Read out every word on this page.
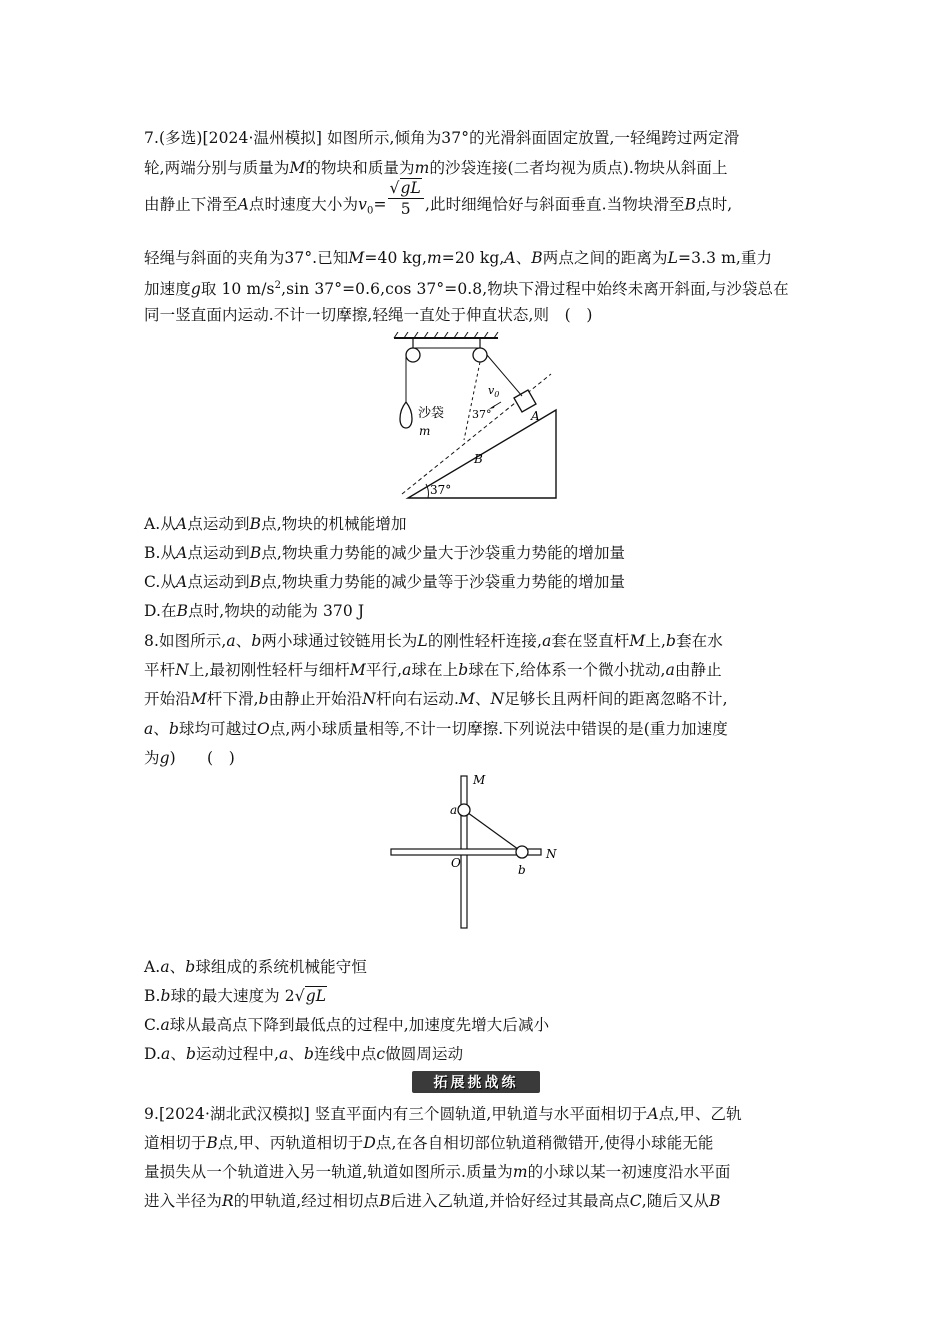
7.(多选)[2024·温州模拟] 如图所示,倾角为37°的光滑斜面固定放置,一轻绳跨过两定滑
轮,两端分别与质量为M的物块和质量为m的沙袋连接(二者均视为质点).物块从斜面上
由静止下滑至A点时速度大小为$v_0= \frac{√gL}{5}$ ,此时细绳恰好与斜面垂直.当物块滑至B点时,
轻绳与斜面的夹角为37°.已知M=40 kg,m=20 kg,A、B两点之间的距离为L=3.3 m,重力
加速度g取 10 $m/s^2,\sin$ 37°=0.6,cos 37°=0.8,物块下滑过程中始终未离开斜面,与沙袋总在
同一竖直面内运动.不计一切摩擦,轻绳一直处于伸直状态,则　(　)
沙袋
m
A
$v_0$
37°
B
37°
A.从A点运动到B点,物块的机械能增加
B.从A点运动到B点,物块重力势能的减少量大于沙袋重力势能的增加量
C.从A点运动到B点,物块重力势能的减少量等于沙袋重力势能的增加量
D.在B点时,物块的动能为 370 J
8.如图所示,a、b两小球通过铰链用长为L的刚性轻杆连接,a套在竖直杆M上,b套在水
平杆N上,最初刚性轻杆与细杆M平行,a球在上b球在下,给体系一个微小扰动,a由静止
开始沿M杆下滑,b由静止开始沿N杆向右运动.M、N足够长且两杆间的距离忽略不计,
a、b球均可越过O点,两小球质量相等,不计一切摩擦.下列说法中错误的是(重力加速度
为g)　　(　)
M
a
O	b
N
A.a、b球组成的系统机械能守恒
B.b球的最大速度为 2√gL
C.a球从最高点下降到最低点的过程中,加速度先增大后减小
D.a、b运动过程中,a、b连线中点c做圆周运动
拓展挑战练
9.[2024·湖北武汉模拟] 竖直平面内有三个圆轨道,甲轨道与水平面相切于A点,甲、乙轨
道相切于B点,甲、丙轨道相切于D点,在各自相切部位轨道稍微错开,使得小球能无能
量损失从一个轨道进入另一轨道,轨道如图所示.质量为m的小球以某一初速度沿水平面
进入半径为R的甲轨道,经过相切点B后进入乙轨道,并恰好经过其最高点C,随后又从B
